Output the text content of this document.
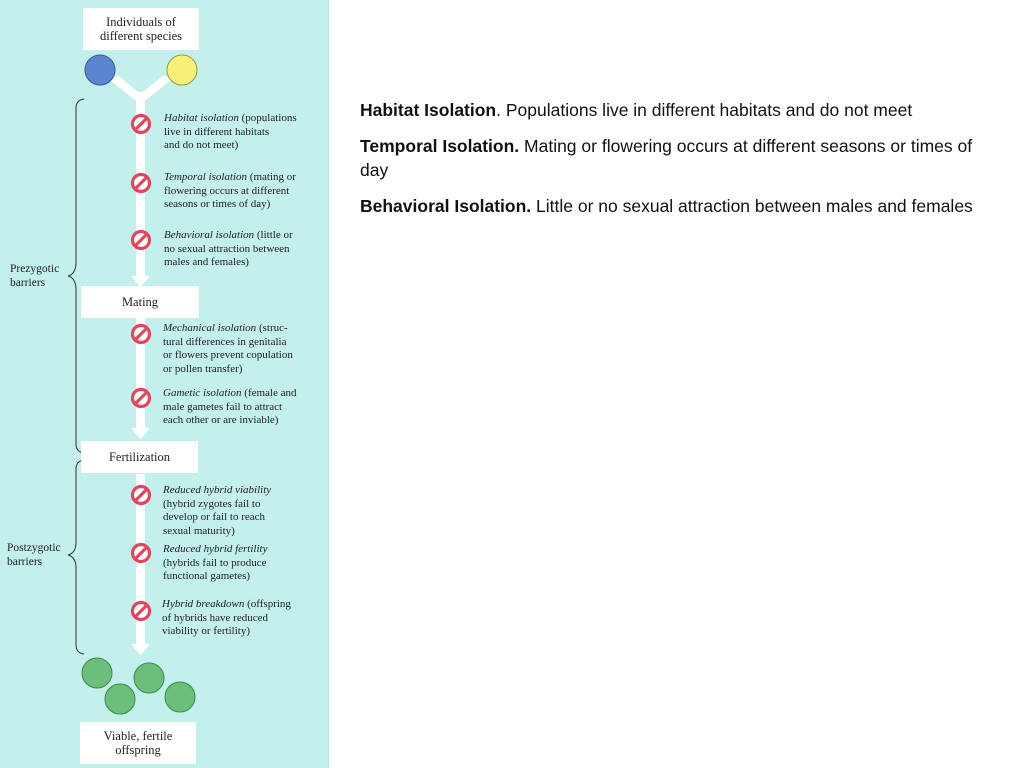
Individuals of different species
Mating
Fertilization
Viable, fertile offspring
Prezygotic
barriers
Postzygotic
barriers
Habitat isolation (populations
live in different habitats
and do not meet)
Temporal isolation (mating or
flowering occurs at different
seasons or times of day)
Behavioral isolation (little or
no sexual attraction between
males and females)
Mechanical isolation (struc-
tural differences in genitalia
or flowers prevent copulation
or pollen transfer)
Gametic isolation (female and
male gametes fail to attract
each other or are inviable)
Reduced hybrid viability
(hybrid zygotes fail to
develop or fail to reach
sexual maturity)
Reduced hybrid fertility
(hybrids fail to produce
functional gametes)
Hybrid breakdown (offspring
of hybrids have reduced
viability or fertility)

Habitat Isolation. Populations live in different habitats and do not meet

Temporal Isolation. Mating or flowering occurs at different seasons or times of day

Behavioral Isolation. Little or no sexual attraction between males and females
